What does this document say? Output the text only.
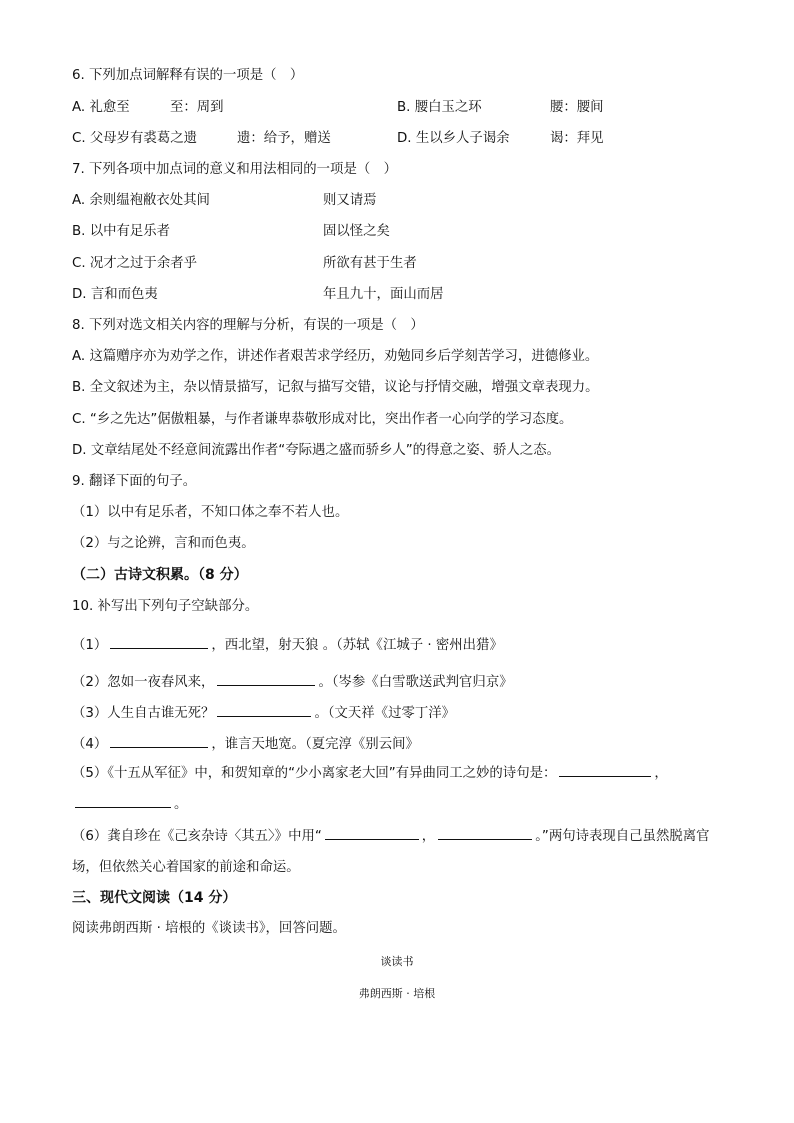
6. 下列加点词解释有误的一项是（　）
A. 礼愈至	至：周到	B. 腰白玉之环	腰：腰间
C. 父母岁有裘葛之遗	遗：给予，赠送	D. 生以乡人子谒余	谒：拜见
7. 下列各项中加点词的意义和用法相同的一项是（　）
A. 余则缊袍敝衣处其间	则又请焉
B. 以中有足乐者	固以怪之矣
C. 况才之过于余者乎	所欲有甚于生者
D. 言和而色夷	年且九十，面山而居
8. 下列对选文相关内容的理解与分析，有误的一项是（　）
A. 这篇赠序亦为劝学之作，讲述作者艰苦求学经历，劝勉同乡后学刻苦学习，进德修业。
B. 全文叙述为主，杂以情景描写，记叙与描写交错，议论与抒情交融，增强文章表现力。
C. “乡之先达”倨傲粗暴，与作者谦卑恭敬形成对比，突出作者一心向学的学习态度。
D. 文章结尾处不经意间流露出作者“夸际遇之盛而骄乡人”的得意之姿、骄人之态。
9. 翻译下面的句子。
（1）以中有足乐者，不知口体之奉不若人也。
（2）与之论辨，言和而色夷。
（二）古诗文积累。（8 分）
10. 补写出下列句子空缺部分。
（1）	，西北望，射天狼 。（苏轼《江城子 · 密州出猎》
（2）忽如一夜春风来，	。（岑参《白雪歌送武判官归京》
（3）人生自古谁无死？	。（文天祥《过零丁洋》
（4）	，谁言天地宽。（夏完淳《别云间》
（5）《十五从军征》中，和贺知章的“少小离家老大回”有异曲同工之妙的诗句是：	，。
（6）龚自珍在《己亥杂诗〈其五〉》中用“	，	。”两句诗表现自己虽然脱离官场，但依然关心着国家的前途和命运。
三、现代文阅读（14 分）
阅读弗朗西斯 · 培根的《谈读书》，回答问题。
谈读书
弗朗西斯 · 培根
